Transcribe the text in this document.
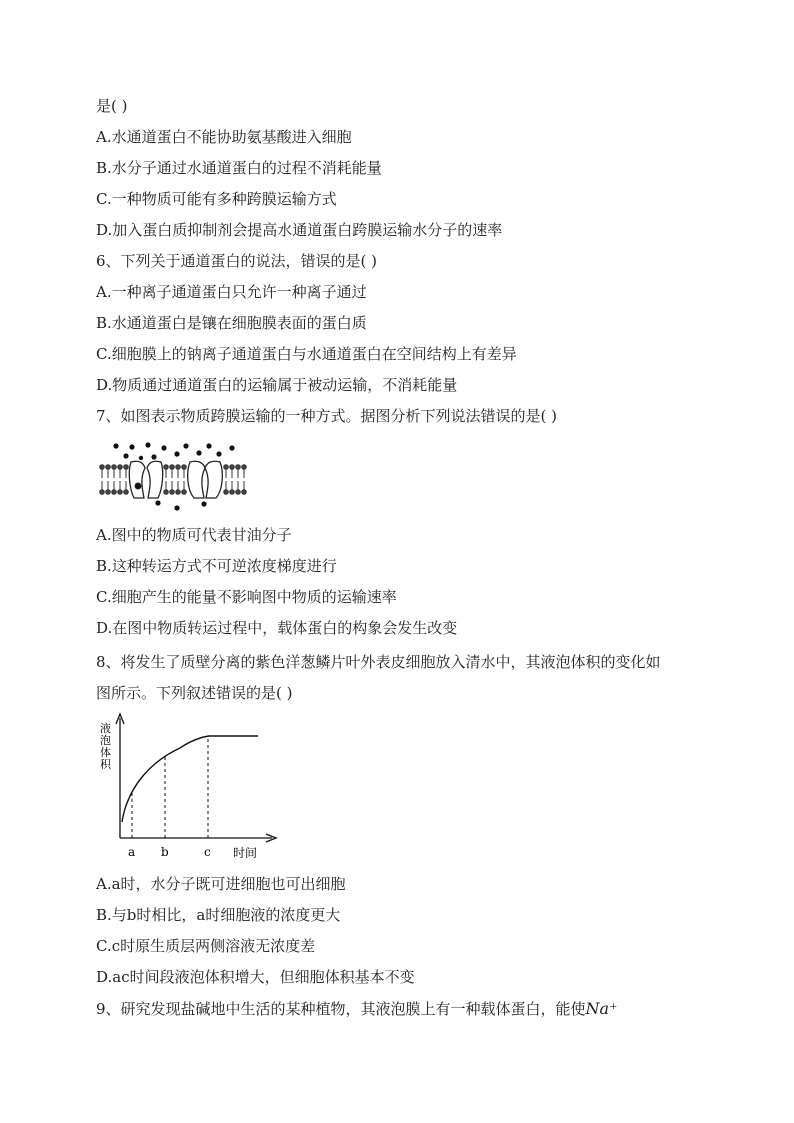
是( )
A.水通道蛋白不能协助氨基酸进入细胞
B.水分子通过水通道蛋白的过程不消耗能量
C.一种物质可能有多种跨膜运输方式
D.加入蛋白质抑制剂会提高水通道蛋白跨膜运输水分子的速率
6、下列关于通道蛋白的说法，错误的是( )
A.一种离子通道蛋白只允许一种离子通过
B.水通道蛋白是镶在细胞膜表面的蛋白质
C.细胞膜上的钠离子通道蛋白与水通道蛋白在空间结构上有差异
D.物质通过通道蛋白的运输属于被动运输，不消耗能量
7、如图表示物质跨膜运输的一种方式。据图分析下列说法错误的是( )
A.图中的物质可代表甘油分子
B.这种转运方式不可逆浓度梯度进行
C.细胞产生的能量不影响图中物质的运输速率
D.在图中物质转运过程中，载体蛋白的构象会发生改变
8、将发生了质壁分离的紫色洋葱鳞片叶外表皮细胞放入清水中，其液泡体积的变化如
图所示。下列叙述错误的是( )
液泡体积
a b	c 时间
A.a时，水分子既可进细胞也可出细胞
B.与b时相比，a时细胞液的浓度更大
C.c时原生质层两侧溶液无浓度差
D.ac时间段液泡体积增大，但细胞体积基本不变
9、研究发现盐碱地中生活的某种植物，其液泡膜上有一种载体蛋白，能使Na⁺
